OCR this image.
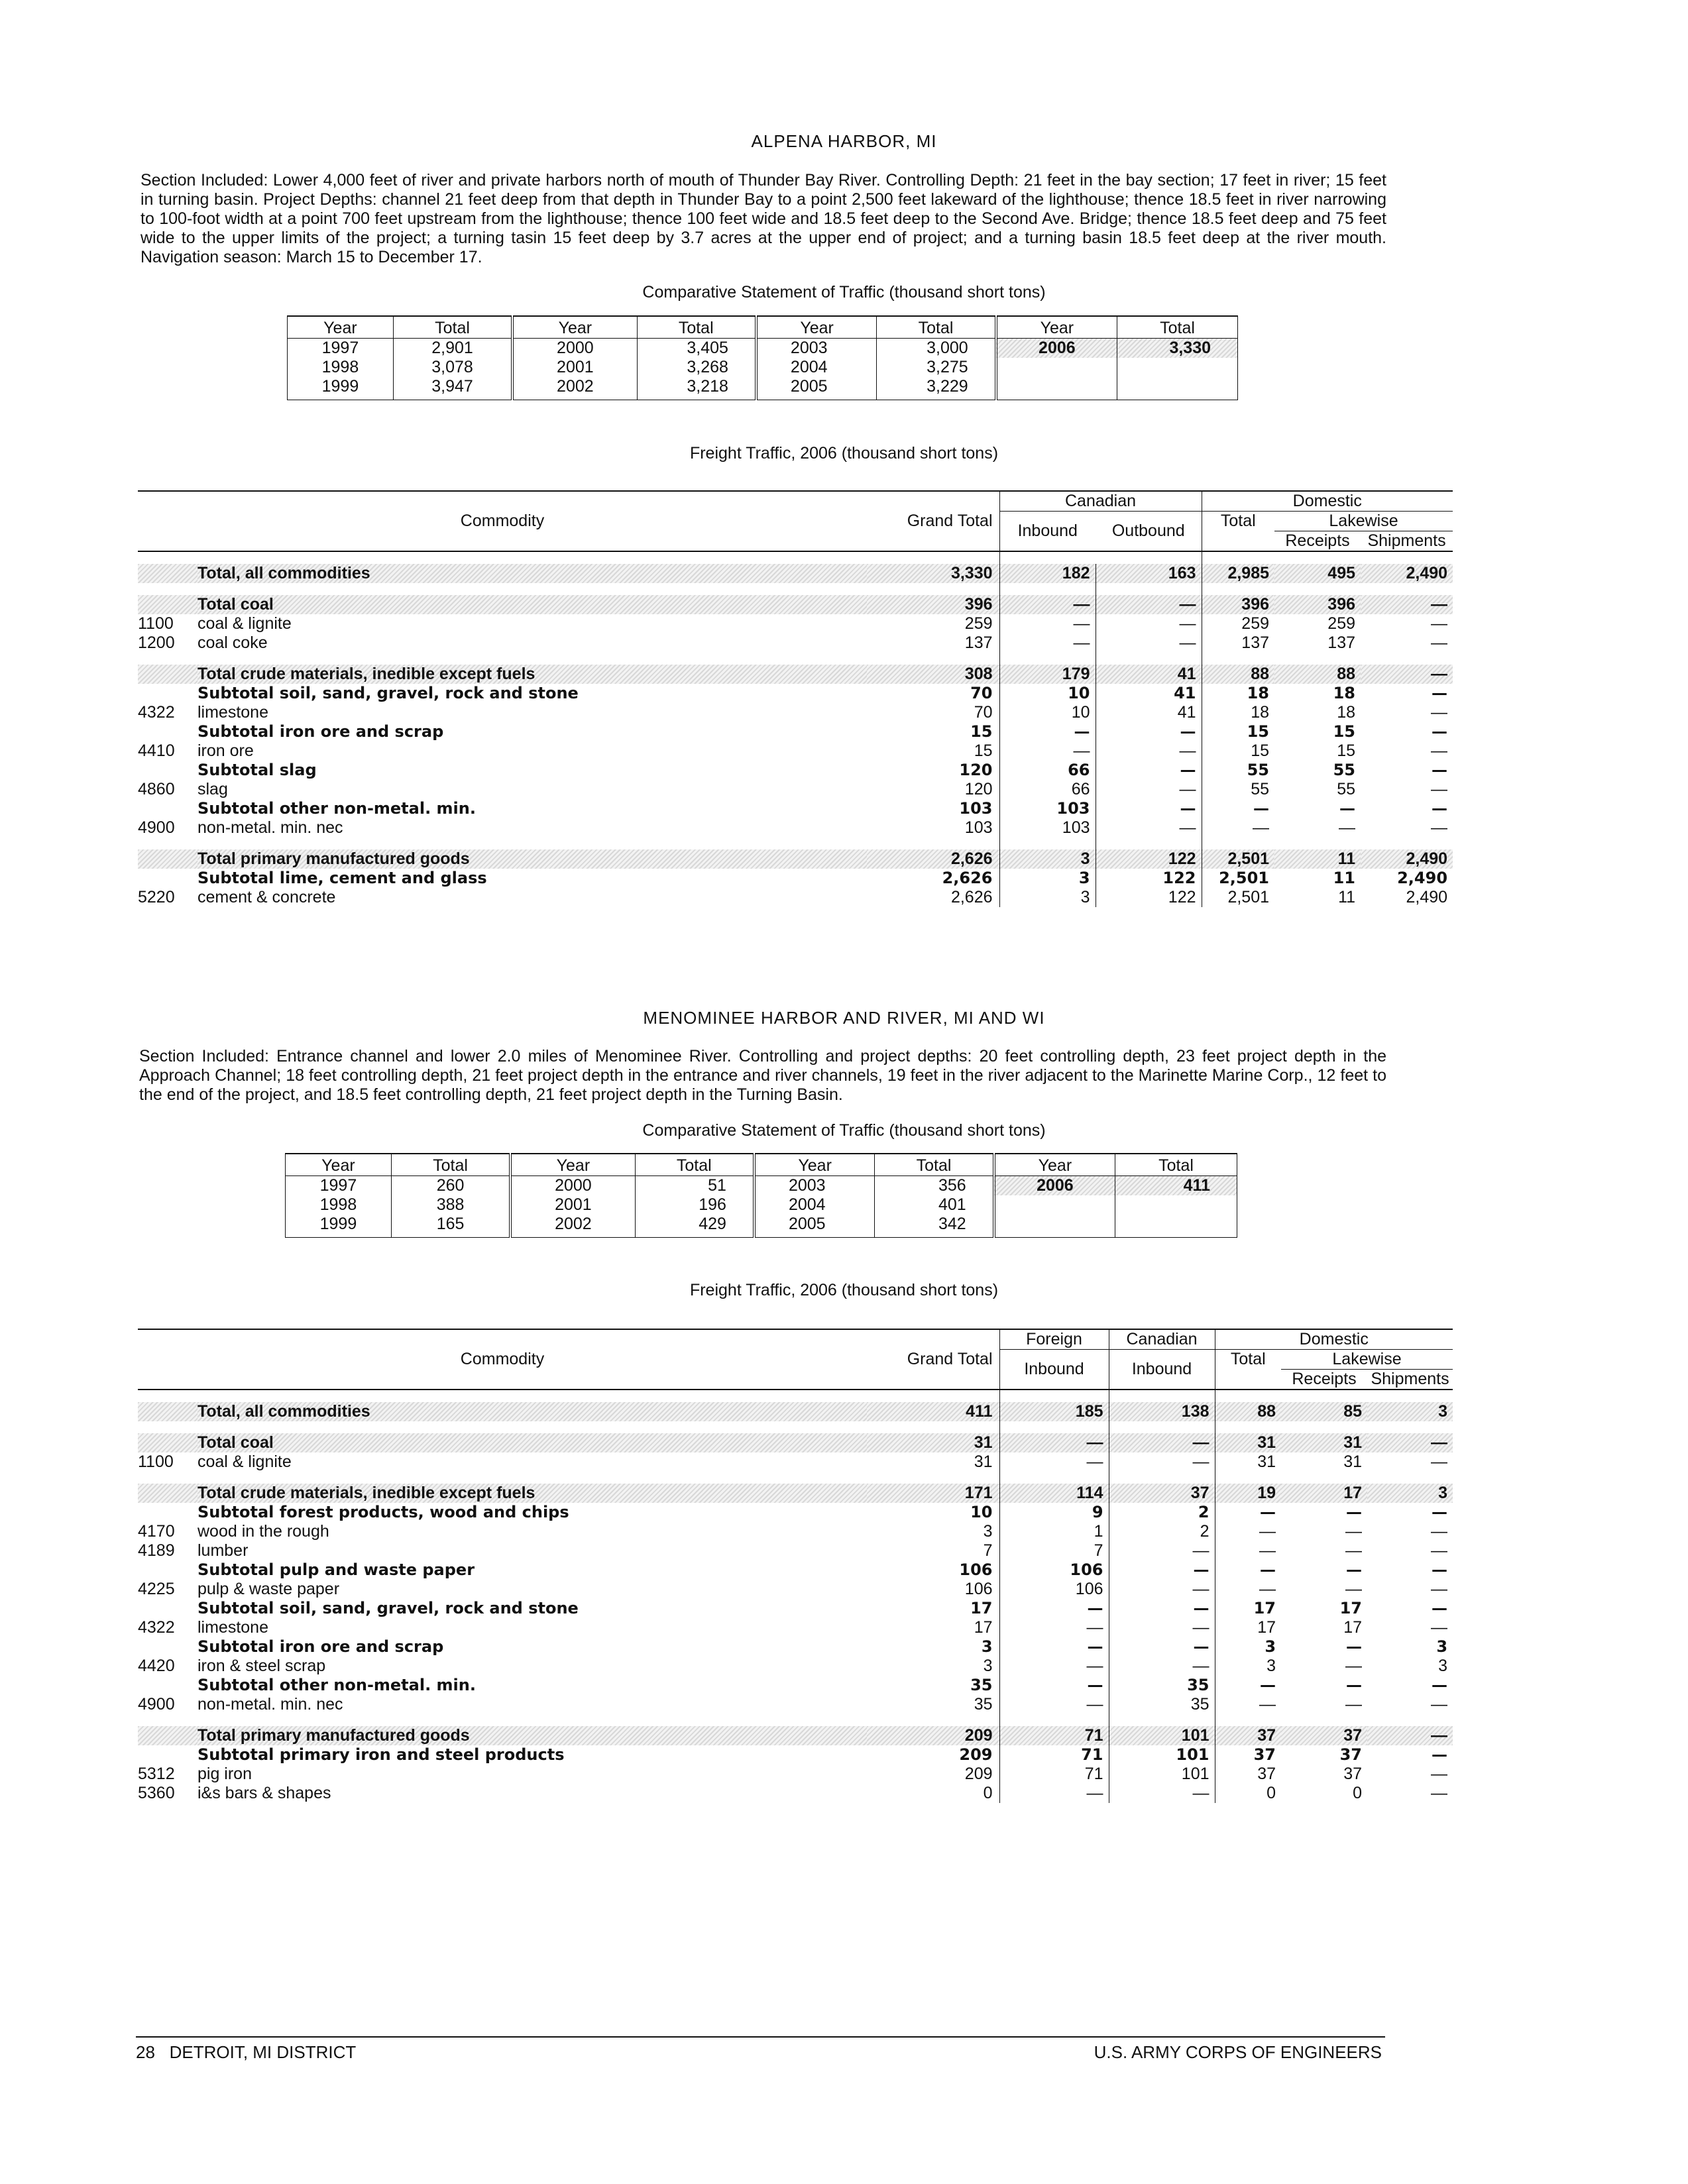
ALPENA HARBOR, MI
Section Included: Lower 4,000 feet of river and private harbors north of mouth of Thunder Bay River. Controlling Depth: 21 feet in the bay section; 17 feet in river; 15 feet in turning basin. Project Depths: channel 21 feet deep from that depth in Thunder Bay to a point 2,500 feet lakeward of the lighthouse; thence 18.5 feet in river narrowing to 100-foot width at a point 700 feet upstream from the lighthouse; thence 100 feet wide and 18.5 feet deep to the Second Ave. Bridge; thence 18.5 feet deep and 75 feet wide to the upper limits of the project; a turning tasin 15 feet deep by 3.7 acres at the upper end of project; and a turning basin 18.5 feet deep at the river mouth. Navigation season: March 15 to December 17.
Comparative Statement of Traffic (thousand short tons)
Year	Total	Year	Total	Year	Total	Year	Total
1997	2,901	2000	3,405	2003	3,000	2006	3,330
1998	3,078	2001	3,268	2004	3,275		
1999	3,947	2002	3,218	2005	3,229		
Freight Traffic, 2006 (thousand short tons)
Commodity		Grand Total	Canadian		Domestic		
			Inbound	Outbound	Total	Lakewise	
						Receipts	Shipments

	Total, all commodities	3,330	182	163	2,985	495	2,490

	Total coal	396	—	—	396	396	—
1100	coal & lignite	259	—	—	259	259	—
1200	coal coke	137	—	—	137	137	—

	Total crude materials, inedible except fuels	308	179	41	88	88	—
	Subtotal soil, sand, gravel, rock and stone	70	10	41	18	18	—
4322	limestone	70	10	41	18	18	—
	Subtotal iron ore and scrap	15	—	—	15	15	—
4410	iron ore	15	—	—	15	15	—
	Subtotal slag	120	66	—	55	55	—
4860	slag	120	66	—	55	55	—
	Subtotal other non-metal. min.	103	103	—	—	—	—
4900	non-metal. min. nec	103	103	—	—	—	—

	Total primary manufactured goods	2,626	3	122	2,501	11	2,490
	Subtotal lime, cement and glass	2,626	3	122	2,501	11	2,490
5220	cement & concrete	2,626	3	122	2,501	11	2,490
MENOMINEE HARBOR AND RIVER, MI AND WI
Section Included: Entrance channel and lower 2.0 miles of Menominee River. Controlling and project depths: 20 feet controlling depth, 23 feet project depth in the Approach Channel; 18 feet controlling depth, 21 feet project depth in the entrance and river channels, 19 feet in the river adjacent to the Marinette Marine Corp., 12 feet to the end of the project, and 18.5 feet controlling depth, 21 feet project depth in the Turning Basin.
Comparative Statement of Traffic (thousand short tons)
Year	Total	Year	Total	Year	Total	Year	Total
1997	260	2000	51	2003	356	2006	411
1998	388	2001	196	2004	401		
1999	165	2002	429	2005	342		
Freight Traffic, 2006 (thousand short tons)
Commodity		Grand Total	Foreign	Canadian	Domestic		
			Inbound	Inbound	Total	Lakewise	
						Receipts	Shipments

	Total, all commodities	411	185	138	88	85	3

	Total coal	31	—	—	31	31	—
1100	coal & lignite	31	—	—	31	31	—

	Total crude materials, inedible except fuels	171	114	37	19	17	3
	Subtotal forest products, wood and chips	10	9	2	—	—	—
4170	wood in the rough	3	1	2	—	—	—
4189	lumber	7	7	—	—	—	—
	Subtotal pulp and waste paper	106	106	—	—	—	—
4225	pulp & waste paper	106	106	—	—	—	—
	Subtotal soil, sand, gravel, rock and stone	17	—	—	17	17	—
4322	limestone	17	—	—	17	17	—
	Subtotal iron ore and scrap	3	—	—	3	—	3
4420	iron & steel scrap	3	—	—	3	—	3
	Subtotal other non-metal. min.	35	—	35	—	—	—
4900	non-metal. min. nec	35	—	35	—	—	—

	Total primary manufactured goods	209	71	101	37	37	—
	Subtotal primary iron and steel products	209	71	101	37	37	—
5312	pig iron	209	71	101	37	37	—
5360	i&s bars & shapes	0	—	—	0	0	—
28 DETROIT, MI DISTRICT	U.S. ARMY CORPS OF ENGINEERS
